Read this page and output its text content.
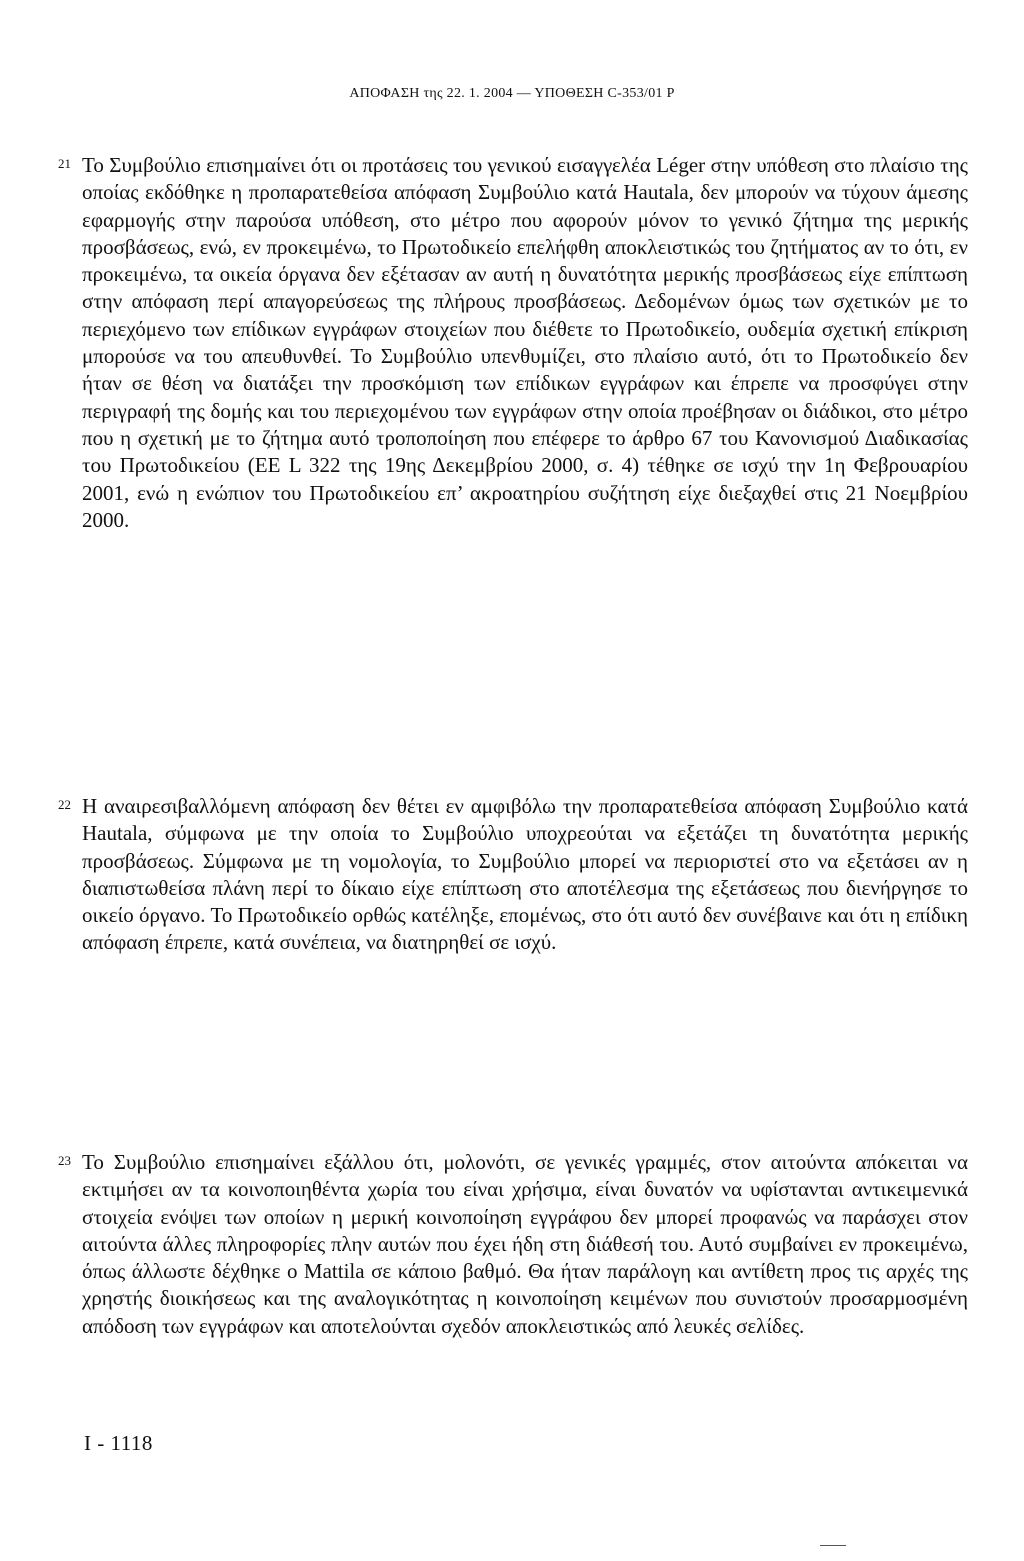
ΑΠΟΦΑΣΗ της 22. 1. 2004 — ΥΠΟΘΕΣΗ C-353/01 P
21 Το Συμβούλιο επισημαίνει ότι οι προτάσεις του γενικού εισαγγελέα Léger στην υπόθεση στο πλαίσιο της οποίας εκδόθηκε η προπαρατεθείσα απόφαση Συμβούλιο κατά Hautala, δεν μπορούν να τύχουν άμεσης εφαρμογής στην παρούσα υπόθεση, στο μέτρο που αφορούν μόνον το γενικό ζήτημα της μερικής προσβάσεως, ενώ, εν προκειμένω, το Πρωτοδικείο επελήφθη αποκλειστικώς του ζητήματος αν το ότι, εν προκειμένω, τα οικεία όργανα δεν εξέτασαν αν αυτή η δυνατότητα μερικής προσβάσεως είχε επίπτωση στην απόφαση περί απαγορεύσεως της πλήρους προσβάσεως. Δεδομένων όμως των σχετικών με το περιεχόμενο των επίδικων εγγράφων στοιχείων που διέθετε το Πρωτοδικείο, ουδεμία σχετική επίκριση μπορούσε να του απευθυνθεί. Το Συμβούλιο υπενθυμίζει, στο πλαίσιο αυτό, ότι το Πρωτοδικείο δεν ήταν σε θέση να διατάξει την προσκόμιση των επίδικων εγγράφων και έπρεπε να προσφύγει στην περιγραφή της δομής και του περιεχομένου των εγγράφων στην οποία προέβησαν οι διάδικοι, στο μέτρο που η σχετική με το ζήτημα αυτό τροποποίηση που επέφερε το άρθρο 67 του Κανονισμού Διαδικασίας του Πρωτοδικείου (ΕΕ L 322 της 19ης Δεκεμβρίου 2000, σ. 4) τέθηκε σε ισχύ την 1η Φεβρουαρίου 2001, ενώ η ενώπιον του Πρωτοδικείου επ’ ακροατηρίου συζήτηση είχε διεξαχθεί στις 21 Νοεμβρίου 2000.
22 Η αναιρεσιβαλλόμενη απόφαση δεν θέτει εν αμφιβόλω την προπαρατεθείσα απόφαση Συμβούλιο κατά Hautala, σύμφωνα με την οποία το Συμβούλιο υποχρεούται να εξετάζει τη δυνατότητα μερικής προσβάσεως. Σύμφωνα με τη νομολογία, το Συμβούλιο μπορεί να περιοριστεί στο να εξετάσει αν η διαπιστωθείσα πλάνη περί το δίκαιο είχε επίπτωση στο αποτέλεσμα της εξετάσεως που διενήργησε το οικείο όργανο. Το Πρωτοδικείο ορθώς κατέληξε, επομένως, στο ότι αυτό δεν συνέβαινε και ότι η επίδικη απόφαση έπρεπε, κατά συνέπεια, να διατηρηθεί σε ισχύ.
23 Το Συμβούλιο επισημαίνει εξάλλου ότι, μολονότι, σε γενικές γραμμές, στον αιτούντα απόκειται να εκτιμήσει αν τα κοινοποιηθέντα χωρία του είναι χρήσιμα, είναι δυνατόν να υφίστανται αντικειμενικά στοιχεία ενόψει των οποίων η μερική κοινοποίηση εγγράφου δεν μπορεί προφανώς να παράσχει στον αιτούντα άλλες πληροφορίες πλην αυτών που έχει ήδη στη διάθεσή του. Αυτό συμβαίνει εν προκειμένω, όπως άλλωστε δέχθηκε ο Mattila σε κάποιο βαθμό. Θα ήταν παράλογη και αντίθετη προς τις αρχές της χρηστής διοικήσεως και της αναλογικότητας η κοινοποίηση κειμένων που συνιστούν προσαρμοσμένη απόδοση των εγγράφων και αποτελούνται σχεδόν αποκλειστικώς από λευκές σελίδες.
I - 1118
